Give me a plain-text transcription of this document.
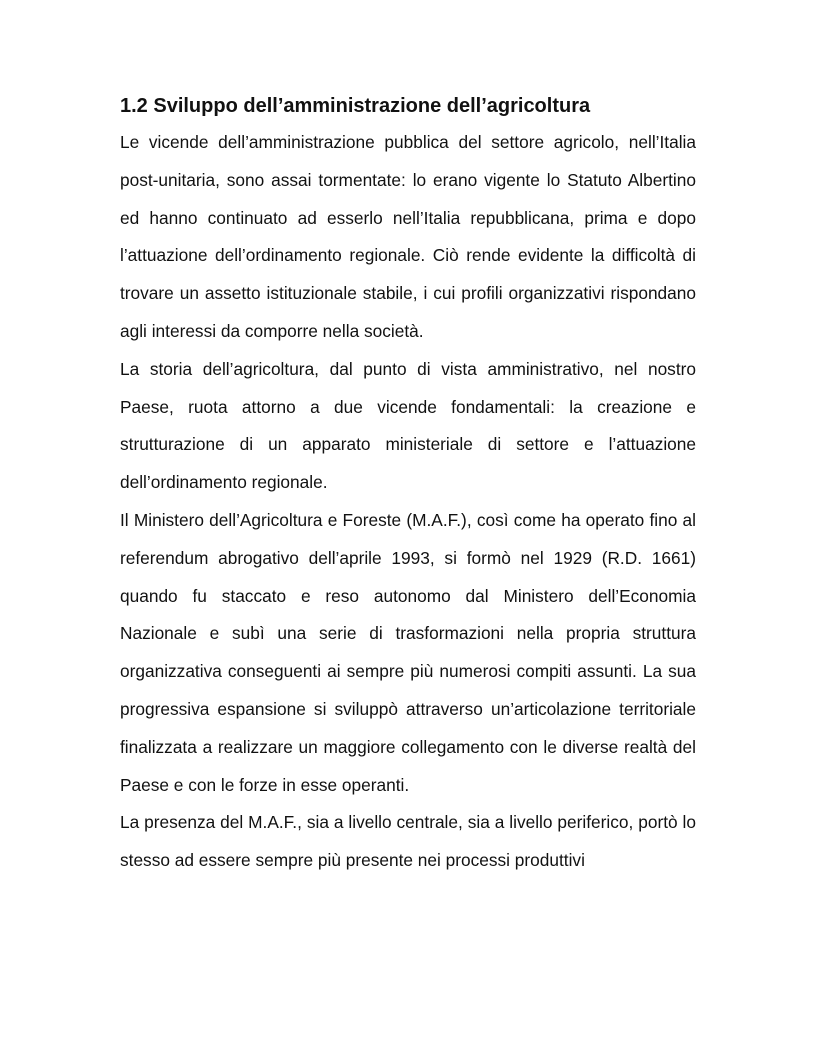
1.2 Sviluppo dell’amministrazione dell’agricoltura

Le vicende dell’amministrazione pubblica del settore agricolo, nell’Italia post-unitaria, sono assai tormentate: lo erano vigente lo Statuto Albertino ed hanno continuato ad esserlo nell’Italia repubblicana, prima e dopo l’attuazione dell’ordinamento regionale. Ciò rende evidente la difficoltà di trovare un assetto istituzionale stabile, i cui profili organizzativi rispondano agli interessi da comporre nella società.

La storia dell’agricoltura, dal punto di vista amministrativo, nel nostro Paese, ruota attorno a due vicende fondamentali: la creazione e strutturazione di un apparato ministeriale di settore e l’attuazione dell’ordinamento regionale.

Il Ministero dell’Agricoltura e Foreste (M.A.F.), così come ha operato fino al referendum abrogativo dell’aprile 1993, si formò nel 1929 (R.D. 1661) quando fu staccato e reso autonomo dal Ministero dell’Economia Nazionale e subì una serie di trasformazioni nella propria struttura organizzativa conseguenti ai sempre più numerosi compiti assunti. La sua progressiva espansione si sviluppò attraverso un’articolazione territoriale finalizzata a realizzare un maggiore collegamento con le diverse realtà del Paese e con le forze in esse operanti.

La presenza del M.A.F., sia a livello centrale, sia a livello periferico, portò lo stesso ad essere sempre più presente nei processi produttivi
